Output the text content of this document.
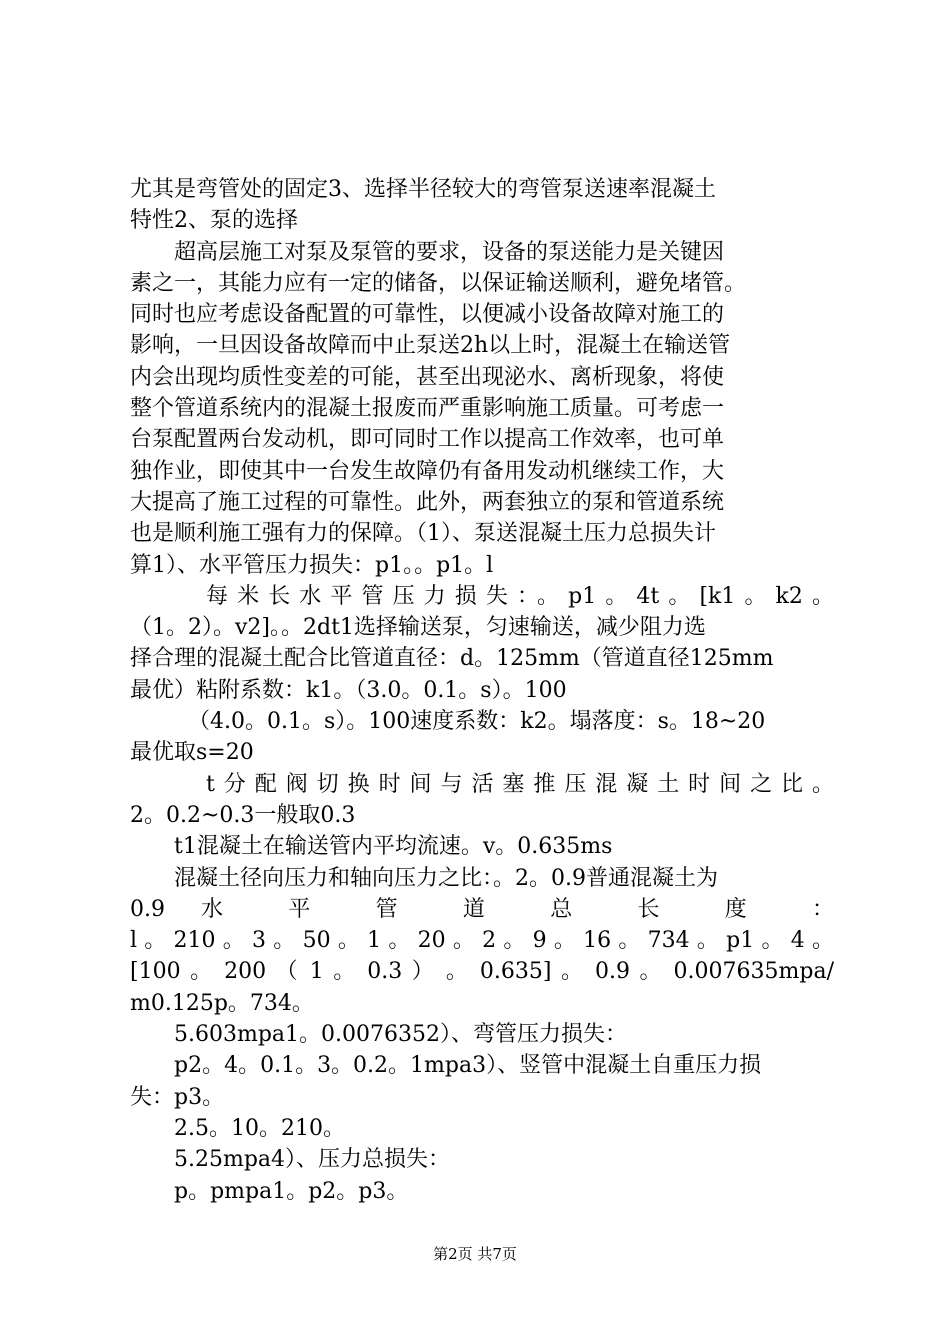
尤其是弯管处的固定3、选择半径较大的弯管泵送速率混凝土
特性2、泵的选择
超高层施工对泵及泵管的要求，设备的泵送能力是关键因
素之一，其能力应有一定的储备，以保证输送顺利，避免堵管。
同时也应考虑设备配置的可靠性，以便减小设备故障对施工的
影响，一旦因设备故障而中止泵送2h以上时，混凝土在输送管
内会出现均质性变差的可能，甚至出现泌水、离析现象，将使
整个管道系统内的混凝土报废而严重影响施工质量。可考虑一
台泵配置两台发动机，即可同时工作以提高工作效率，也可单
独作业，即使其中一台发生故障仍有备用发动机继续工作，大
大提高了施工过程的可靠性。此外，两套独立的泵和管道系统
也是顺利施工强有力的保障。（1）、泵送混凝土压力总损失计
算1）、水平管压力损失：p1。。p1。l
每米长水平管压力损失：。p1。4t。[k1。k2。
（1。2）。v2]。。2dt1选择输送泵，匀速输送，减少阻力选
择合理的混凝土配合比管道直径：d。125mm（管道直径125mm
最优）粘附系数：k1。（3.0。0.1。s）。100
（4.0。0.1。s）。100速度系数：k2。塌落度：s。18~20
最优取s=20
t分配阀切换时间与活塞推压混凝土时间之比。
2。0.2~0.3一般取0.3
t1混凝土在输送管内平均流速。v。0.635ms
混凝土径向压力和轴向压力之比：。2。0.9普通混凝土为
0.9 水 平 管 道 总 长 度 ：
l。210。3。50。1。20。2。9。16。734。p1。4。
[100 。 200 （ 1 。 0.3 ） 。 0.635] 。 0.9 。 0.007635mpa/
m0.125p。734。
5.603mpa1。0.0076352）、弯管压力损失：
p2。4。0.1。3。0.2。1mpa3）、竖管中混凝土自重压力损
失：p3。
2.5。10。210。
5.25mpa4）、压力总损失：
p。pmpa1。p2。p3。
第2页 共7页
